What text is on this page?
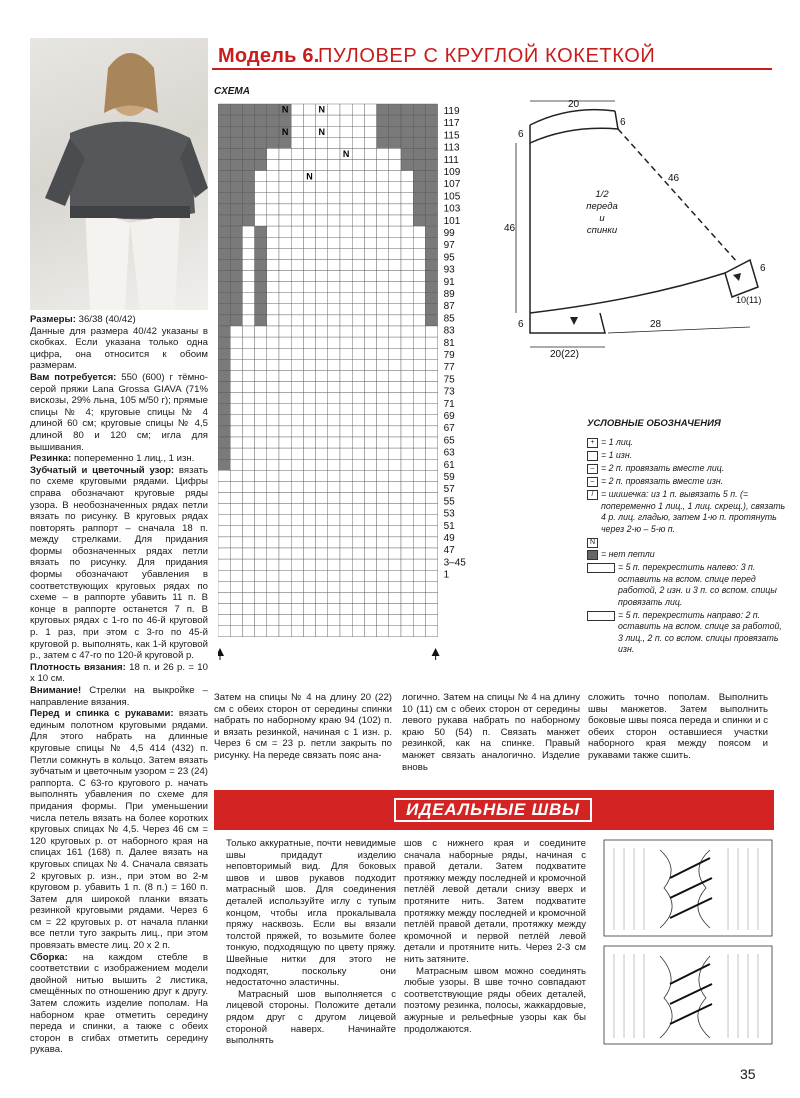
Модель 6.
ПУЛОВЕР С КРУГЛОЙ КОКЕТКОЙ
СХЕМА
N	N
N	N
N
N
119
117
115
113
111
109
107
105
103
101
99
97
95
93
91
89
87
85
83
81
79
77
75
73
71
69
67
65
63
61
59
57
55
53
51
49
47
3–45
1
20
6
6
46
46
6
10(11)
6
20(22)
28
1/2
переда
и
спинки
УСЛОВНЫЕ ОБОЗНАЧЕНИЯ
+ = 1 лиц.
= 1 изн.
– = 2 п. провязать вместе лиц.
– = 2 п. провязать вместе изн.
/ = шишечка: из 1 п. вывязать 5 п. (= попеременно 1 лиц., 1 лиц. скрещ.), связать 4 р. лиц. гладью, затем 1-ю п. протянуть через 2-ю – 5-ю п.
N
= нет петли
= 5 п. перекрестить налево: 3 п. оставить на вспом. спице перед работой, 2 изн. и 3 п. со вспом. спицы провязать лиц.
= 5 п. перекрестить направо: 2 п. оставить на вспом. спице за работой, 3 лиц., 2 п. со вспом. спицы провязать изн.

Размеры: 36/38 (40/42)

Данные для размера 40/42 указаны в скобках. Если указана только одна цифра, она относится к обоим размерам.

Вам потребуется: 550 (600) г тёмно-серой пряжи Lana Grossa GIAVA (71% вискозы, 29% льна, 105 м/50 г); прямые спицы № 4; круговые спицы № 4 длиной 60 см; круговые спицы № 4,5 длиной 80 и 120 см; игла для вышивания.

Резинка: попеременно 1 лиц., 1 изн.

Зубчатый и цветочный узор: вязать по схеме круговыми рядами. Цифры справа обозначают круговые ряды узора. В необозначенных рядах петли вязать по рисунку. В круговых рядах повторять раппорт – сначала 18 п. между стрелками. Для придания формы обозначенных рядах петли вязать по рисунку. Для придания формы обозначают убавления в соответствующих круговых рядах по схеме – в раппорте убавить 11 п. В конце в раппорте останется 7 п. В круговых рядах с 1-го по 46-й круговой р. 1 раз, при этом с 3-го по 45-й круговой р. выполнять, как 1-й круговой р., затем с 47-го по 120-й круговой р.

Плотность вязания: 18 п. и 26 р. = 10 х 10 см.

Внимание! Стрелки на выкройке – направление вязания.

Перед и спинка с рукавами: вязать единым полотном круговыми рядами. Для этого набрать на длинные круговые спицы № 4,5 414 (432) п. Петли сомкнуть в кольцо. Затем вязать зубчатым и цветочным узором = 23 (24) раппорта. С 63-го кругового р. начать выполнять убавления по схеме для придания формы. При уменьшении числа петель вязать на более коротких круговых спицах № 4,5. Через 46 см = 120 круговых р. от наборного края на спицах 161 (168) п. Далее вязать на круговых спицах № 4. Сначала связать 2 круговых р. изн., при этом во 2-м круговом р. убавить 1 п. (8 п.) = 160 п. Затем для широкой планки вязать резинкой круговыми рядами. Через 6 см = 22 круговых р. от начала планки все петли туго закрыть лиц., при этом провязать вместе лиц. 20 х 2 п.

Сборка: на каждом стебле в соответствии с изображением модели двойной нитью вышить 2 листика, смещённых по отношению друг к другу. Затем сложить изделие пополам. На наборном крае отметить середину переда и спинки, а также с обеих сторон в сгибах отметить середину рукава.

Затем на спицы № 4 на длину 20 (22) см с обеих сторон от середины спинки набрать по наборному краю 94 (102) п. и вязать резинкой, начиная с 1 изн. р. Через 6 см = 23 р. петли закрыть по рисунку. На переде связать пояс ана-
логично. Затем на спицы № 4 на длину 10 (11) см с обеих сторон от середины левого рукава набрать по наборному краю 50 (54) п. Связать манжет резинкой, как на спинке. Правый манжет связать аналогично. Изделие вновь
сложить точно пополам. Выполнить швы манжетов. Затем выполнить боковые швы пояса переда и спинки и с обеих сторон оставшиеся участки наборного края между поясом и рукавами также сшить.
ИДЕАЛЬНЫЕ ШВЫ

Только аккуратные, почти невидимые швы придадут изделию неповторимый вид. Для боковых швов и швов рукавов подходит матрасный шов. Для соединения деталей используйте иглу с тупым концом, чтобы игла прокалывала пряжу насквозь. Если вы вязали толстой пряжей, то возьмите более тонкую, подходящую по цвету пряжу. Швейные нитки для этого не подходят, поскольку они недостаточно эластичны.

Матрасный шов выполняется с лицевой стороны. Положите детали рядом друг с другом лицевой стороной наверх. Начинайте выполнять

шов с нижнего края и соедините сначала наборные ряды, начиная с правой детали. Затем подхватите протяжку между последней и кромочной петлёй левой детали снизу вверх и протяните нить. Затем подхватите протяжку между последней и кромочной петлёй правой детали, протяжку между кромочной и первой петлёй левой детали и протяните нить. Через 2-3 см нить затяните.

Матрасным швом можно соединять любые узоры. В шве точно совпадают соответствующие ряды обеих деталей, поэтому резинка, полосы, жаккардовые, ажурные и рельефные узоры как бы продолжаются.

35
